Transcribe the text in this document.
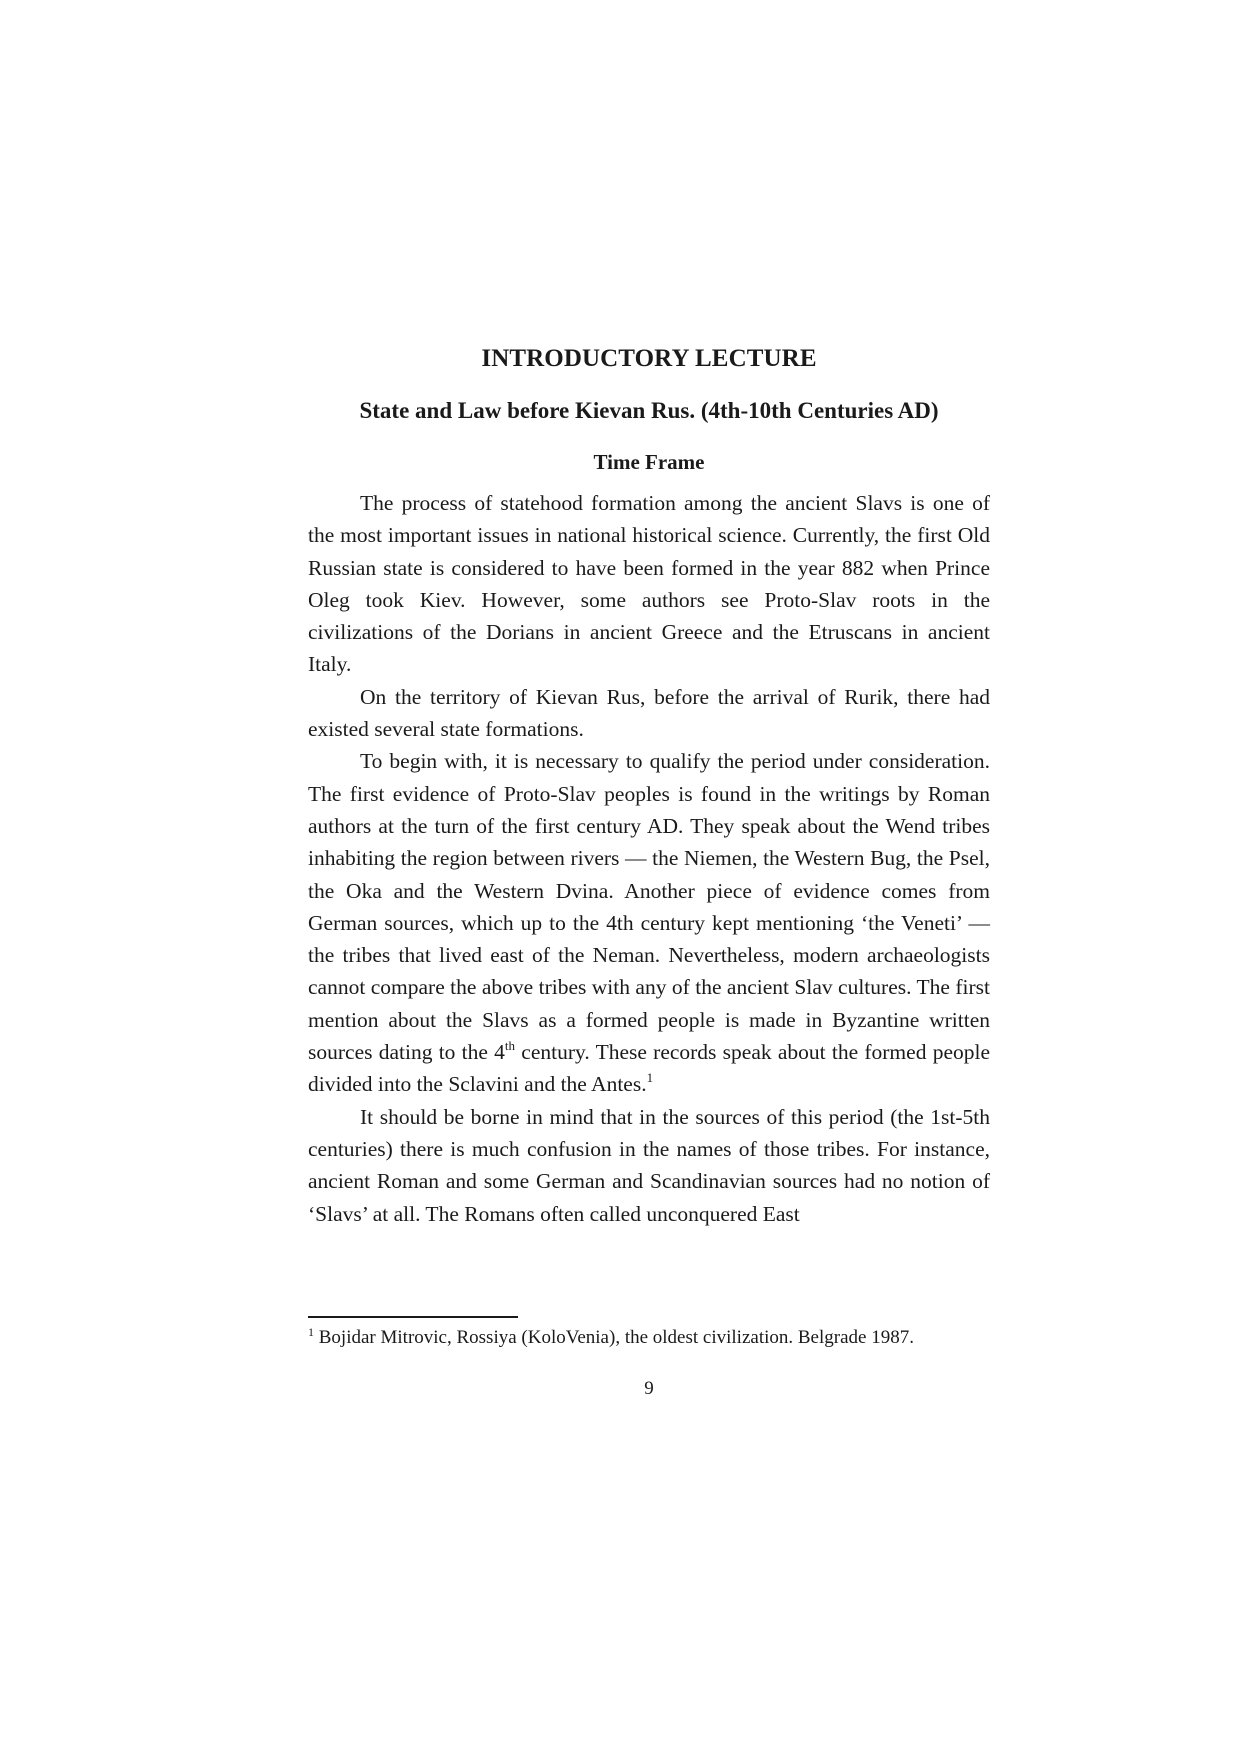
INTRODUCTORY LECTURE
State and Law before Kievan Rus. (4th-10th Centuries AD)
Time Frame

The process of statehood formation among the ancient Slavs is one of the most important issues in national historical science. Currently, the first Old Russian state is considered to have been formed in the year 882 when Prince Oleg took Kiev. However, some authors see Proto-Slav roots in the civilizations of the Dorians in ancient Greece and the Etruscans in ancient Italy.

On the territory of Kievan Rus, before the arrival of Rurik, there had existed several state formations.

To begin with, it is necessary to qualify the period under consideration. The first evidence of Proto-Slav peoples is found in the writings by Roman authors at the turn of the first century AD. They speak about the Wend tribes inhabiting the region between rivers — the Niemen, the Western Bug, the Psel, the Oka and the Western Dvina. Another piece of evidence comes from German sources, which up to the 4th century kept mentioning ‘the Veneti’ — the tribes that lived east of the Neman. Nevertheless, modern archaeologists cannot compare the above tribes with any of the ancient Slav cultures. The first mention about the Slavs as a formed people is made in Byzantine written sources dating to the 4th century. These records speak about the formed people divided into the Sclavini and the Antes.$^1$

It should be borne in mind that in the sources of this period (the 1st-5th centuries) there is much confusion in the names of those tribes. For instance, ancient Roman and some German and Scandinavian sources had no notion of ‘Slavs’ at all. The Romans often called unconquered East

$^1$ Bojidar Mitrovic, Rossiya (KoloVenia), the oldest civilization. Belgrade 1987.

9
